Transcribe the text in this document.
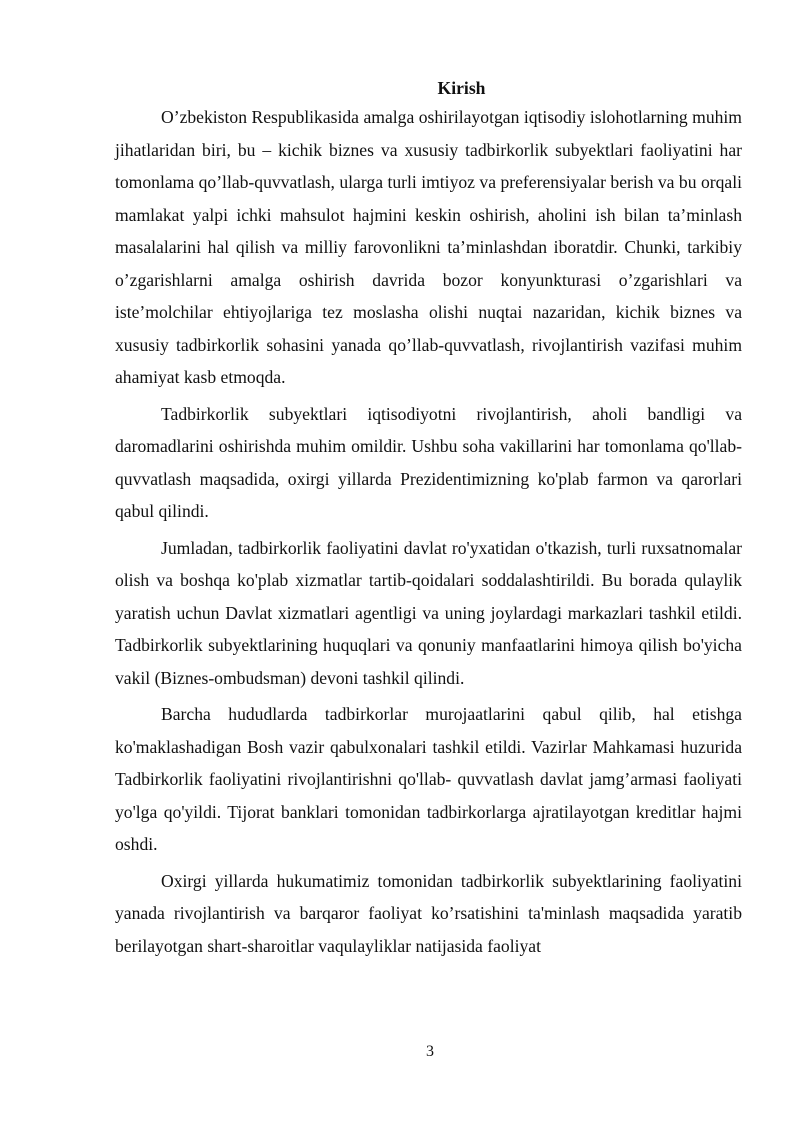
Kirish

O’zbekiston Respublikasida amalga oshirilayotgan iqtisodiy islohotlarning muhim jihatlaridan biri, bu – kichik biznes va xususiy tadbirkorlik subyektlari faoliyatini har tomonlama qo’llab-quvvatlash, ularga turli imtiyoz va preferensiyalar berish va bu orqali mamlakat yalpi ichki mahsulot hajmini keskin oshirish, aholini ish bilan ta’minlash masalalarini hal qilish va milliy farovonlikni ta’minlashdan iboratdir. Chunki, tarkibiy o’zgarishlarni amalga oshirish davrida bozor konyunkturasi o’zgarishlari va iste’molchilar ehtiyojlariga tez moslasha olishi nuqtai nazaridan, kichik biznes va xususiy tadbirkorlik sohasini yanada qo’llab-quvvatlash, rivojlantirish vazifasi muhim ahamiyat kasb etmoqda.

Tadbirkorlik subyektlari iqtisodiyotni rivojlantirish, aholi bandligi va daromadlarini oshirishda muhim omildir. Ushbu soha vakillarini har tomonlama qo'llab-quvvatlash maqsadida, oxirgi yillarda Prezidentimizning ko'plab farmon va qarorlari qabul qilindi.

Jumladan, tadbirkorlik faoliyatini davlat ro'yxatidan o'tkazish, turli ruxsatnomalar olish va boshqa ko'plab xizmatlar tartib-qoidalari soddalashtirildi. Bu borada qulaylik yaratish uchun Davlat xizmatlari agentligi va uning joylardagi markazlari tashkil etildi. Tadbirkorlik subyektlarining huquqlari va qonuniy manfaatlarini himoya qilish bo'yicha vakil (Biznes-ombudsman) devoni tashkil qilindi.

Barcha hududlarda tadbirkorlar murojaatlarini qabul qilib, hal etishga ko'maklashadigan Bosh vazir qabulxonalari tashkil etildi. Vazirlar Mahkamasi huzurida Tadbirkorlik faoliyatini rivojlantirishni qo'llab- quvvatlash davlat jamg’armasi faoliyati yo'lga qo'yildi. Tijorat banklari tomonidan tadbirkorlarga ajratilayotgan kreditlar hajmi oshdi.

Oxirgi yillarda hukumatimiz tomonidan tadbirkorlik subyektlarining faoliyatini yanada rivojlantirish va barqaror faoliyat ko’rsatishini ta'minlash maqsadida yaratib berilayotgan shart-sharoitlar vaqulayliklar natijasida faoliyat

3
